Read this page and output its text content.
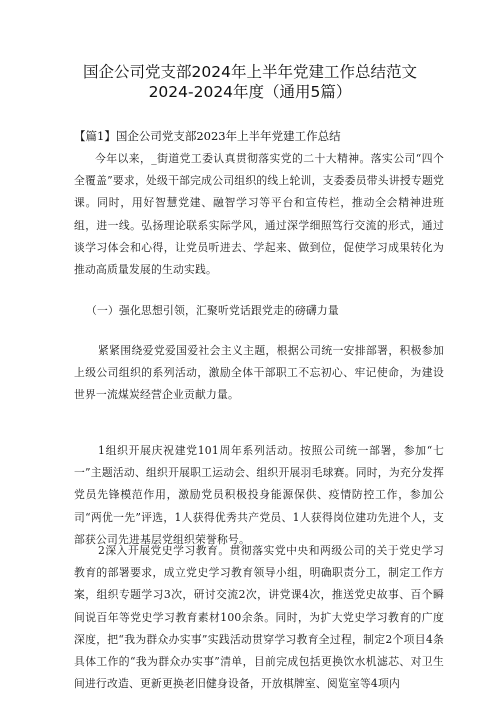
国企公司党支部2024年上半年党建工作总结范文
2024-2024年度（通用5篇）
【篇1】国企公司党支部2023年上半年党建工作总结

今年以来，_街道党工委认真贯彻落实党的二十大精神。落实公司“四个全覆盖”要求，处级干部完成公司组织的线上轮训，支委委员带头讲授专题党课。同时，用好智慧党建、融智学习等平台和宣传栏，推动全会精神进班组，进一线。弘扬理论联系实际学风，通过深学细照笃行交流的形式，通过谈学习体会和心得，让党员听进去、学起来、做到位，促使学习成果转化为推动高质量发展的生动实践。

（一）强化思想引领，汇聚听党话跟党走的磅礴力量

紧紧围绕爱党爱国爱社会主义主题，根据公司统一安排部署，积极参加上级公司组织的系列活动，激励全体干部职工不忘初心、牢记使命，为建设世界一流煤炭经营企业贡献力量。

1组织开展庆祝建党101周年系列活动。按照公司统一部署，参加“七一”主题活动、组织开展职工运动会、组织开展羽毛球赛。同时，为充分发挥党员先锋模范作用，激励党员积极投身能源保供、疫情防控工作，参加公司“两优一先”评选，1人获得优秀共产党员、1人获得岗位建功先进个人，支部获公司先进基层党组织荣誉称号。

2深入开展党史学习教育。贯彻落实党中央和两级公司的关于党史学习教育的部署要求，成立党史学习教育领导小组，明确职责分工，制定工作方案，组织专题学习3次，研讨交流2次，讲党课4次，推送党史故事、百个瞬间说百年等党史学习教育素材100余条。同时，为扩大党史学习教育的广度深度，把“我为群众办实事”实践活动贯穿学习教育全过程，制定2个项目4条具体工作的“我为群众办实事”清单，目前完成包括更换饮水机滤芯、对卫生间进行改造、更新更换老旧健身设备，开放棋牌室、阅览室等4项内
